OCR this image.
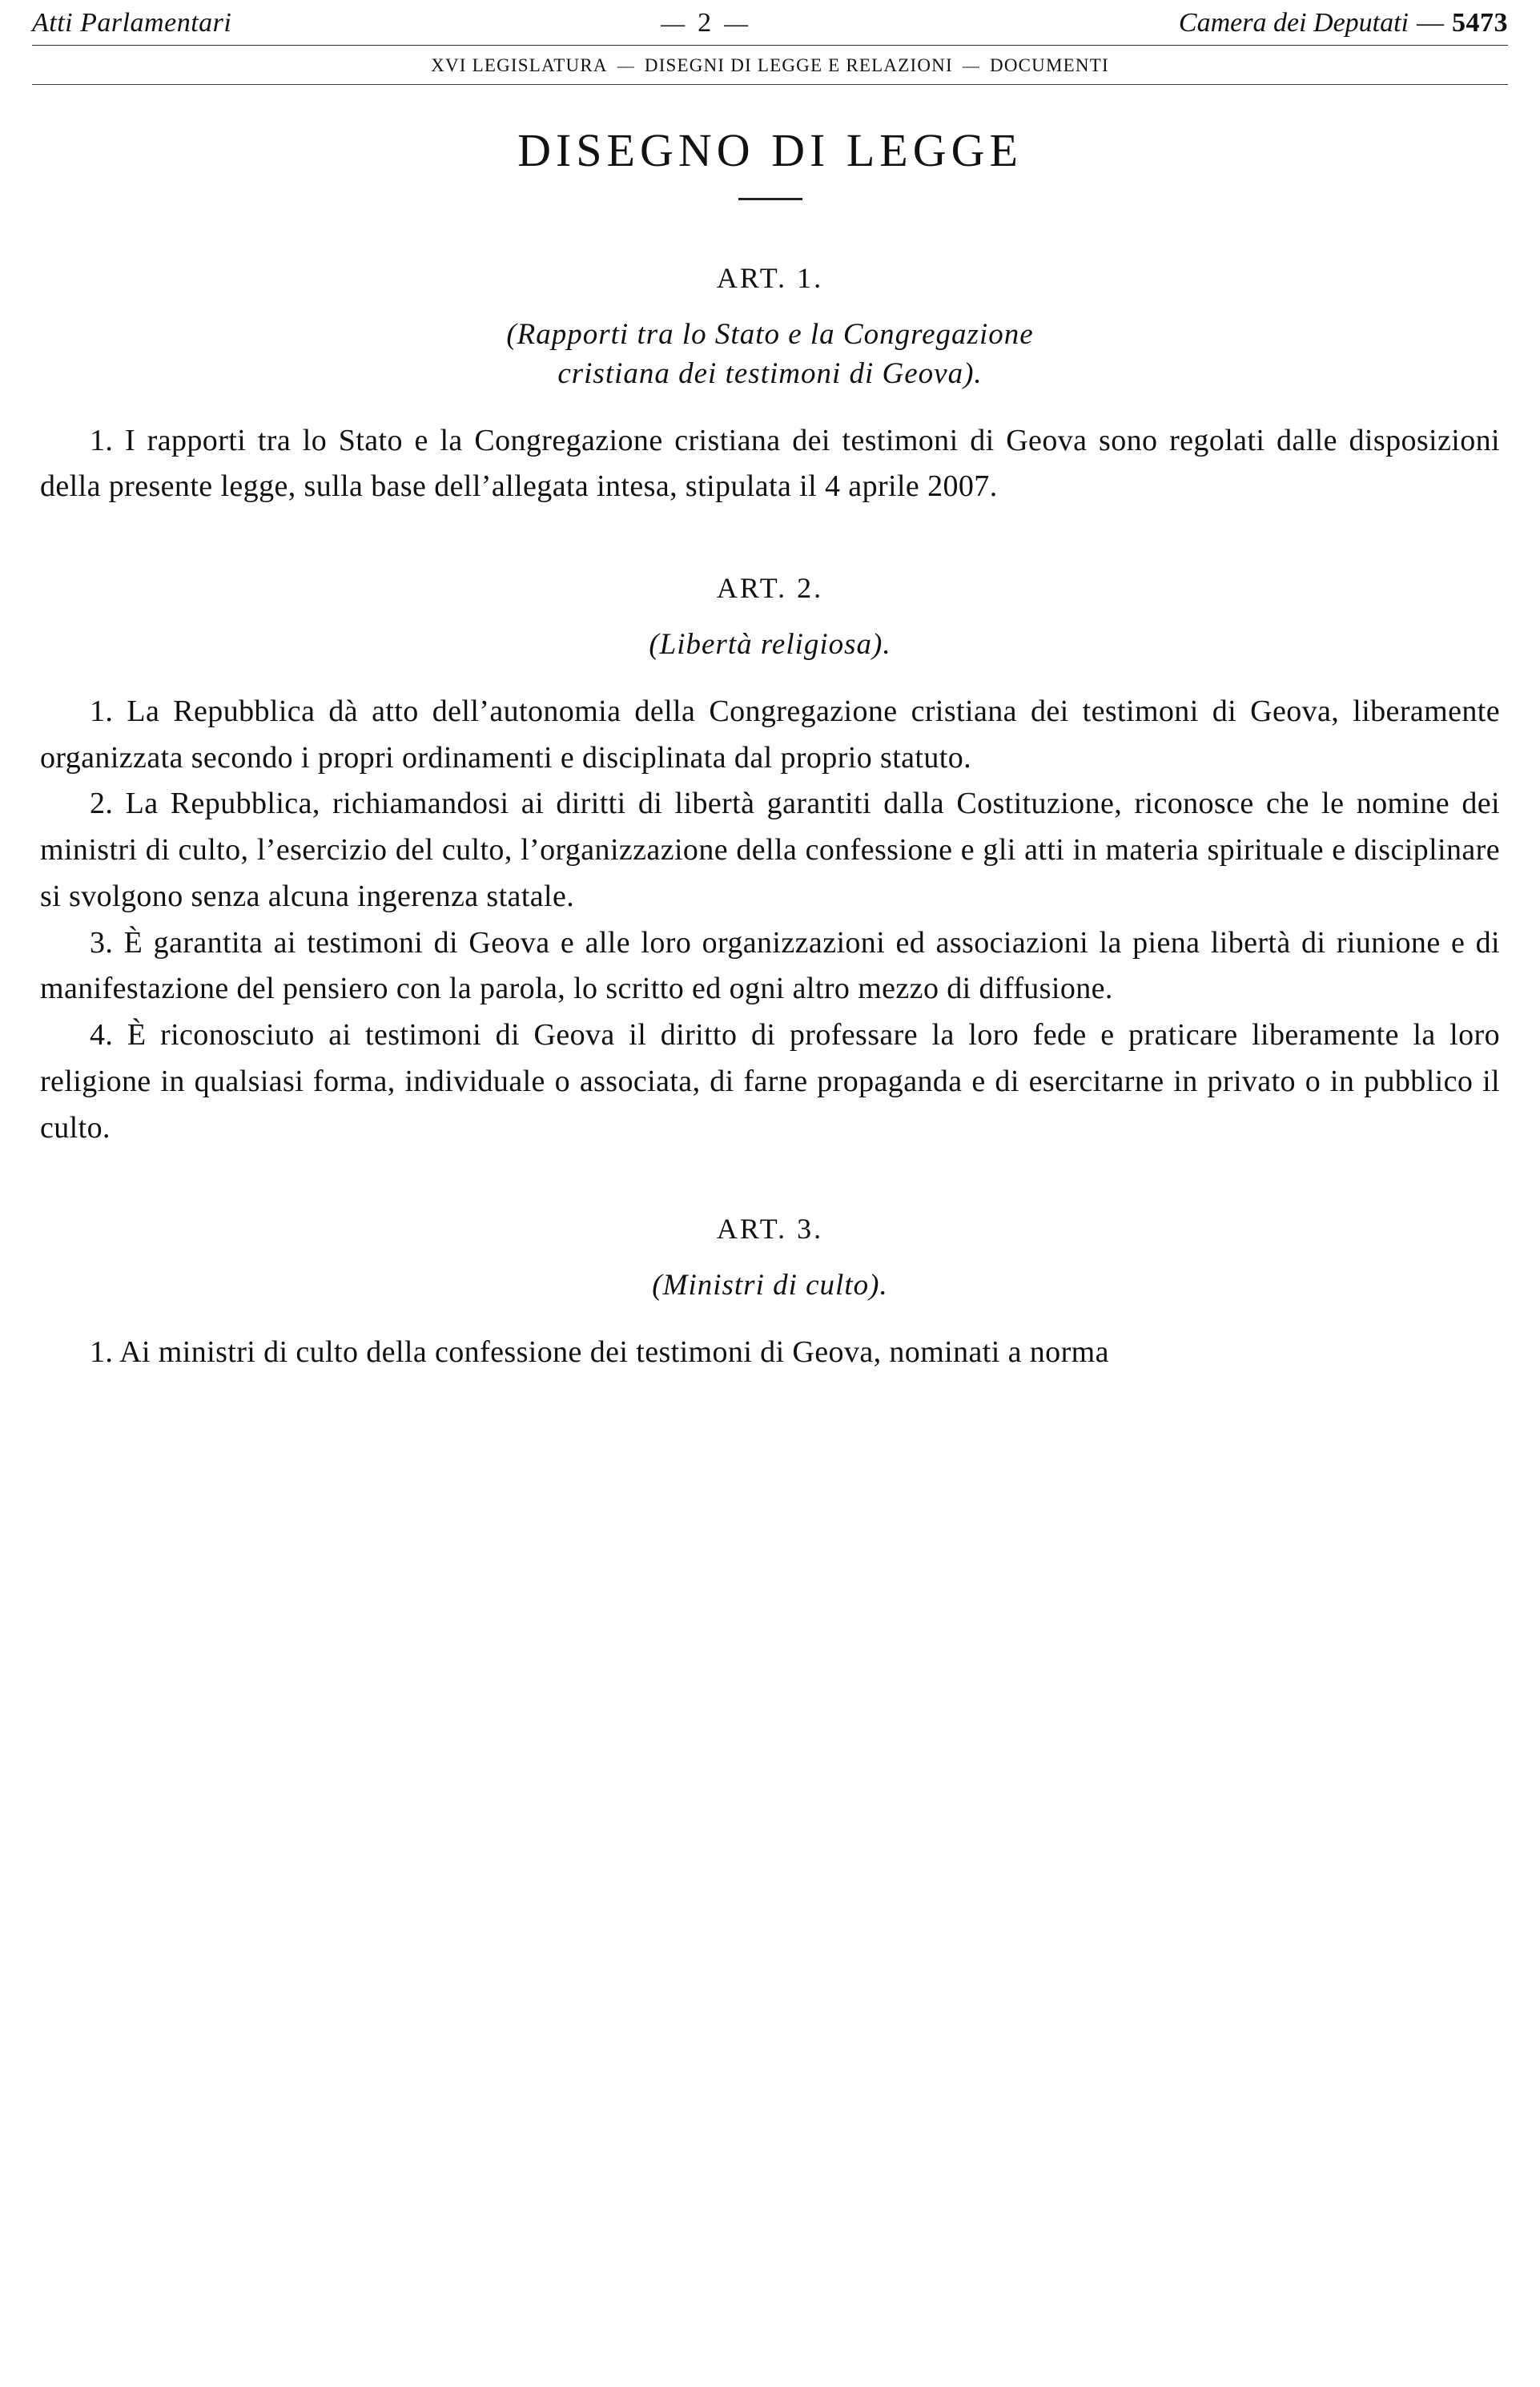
Atti Parlamentari	— 2 —	Camera dei Deputati — 5473
XVI LEGISLATURA — DISEGNI DI LEGGE E RELAZIONI — DOCUMENTI
DISEGNO DI LEGGE
ART. 1.
(Rapporti tra lo Stato e la Congregazione
cristiana dei testimoni di Geova).

1. I rapporti tra lo Stato e la Congregazione cristiana dei testimoni di Geova sono regolati dalle disposizioni della presente legge, sulla base dell’allegata intesa, stipulata il 4 aprile 2007.

ART. 2.
(Libertà religiosa).

1. La Repubblica dà atto dell’autonomia della Congregazione cristiana dei testimoni di Geova, liberamente organizzata secondo i propri ordinamenti e disciplinata dal proprio statuto.

2. La Repubblica, richiamandosi ai diritti di libertà garantiti dalla Costituzione, riconosce che le nomine dei ministri di culto, l’esercizio del culto, l’organizzazione della confessione e gli atti in materia spirituale e disciplinare si svolgono senza alcuna ingerenza statale.

3. È garantita ai testimoni di Geova e alle loro organizzazioni ed associazioni la piena libertà di riunione e di manifestazione del pensiero con la parola, lo scritto ed ogni altro mezzo di diffusione.

4. È riconosciuto ai testimoni di Geova il diritto di professare la loro fede e praticare liberamente la loro religione in qualsiasi forma, individuale o associata, di farne propaganda e di esercitarne in privato o in pubblico il culto.

ART. 3.
(Ministri di culto).

1. Ai ministri di culto della confessione dei testimoni di Geova, nominati a norma
